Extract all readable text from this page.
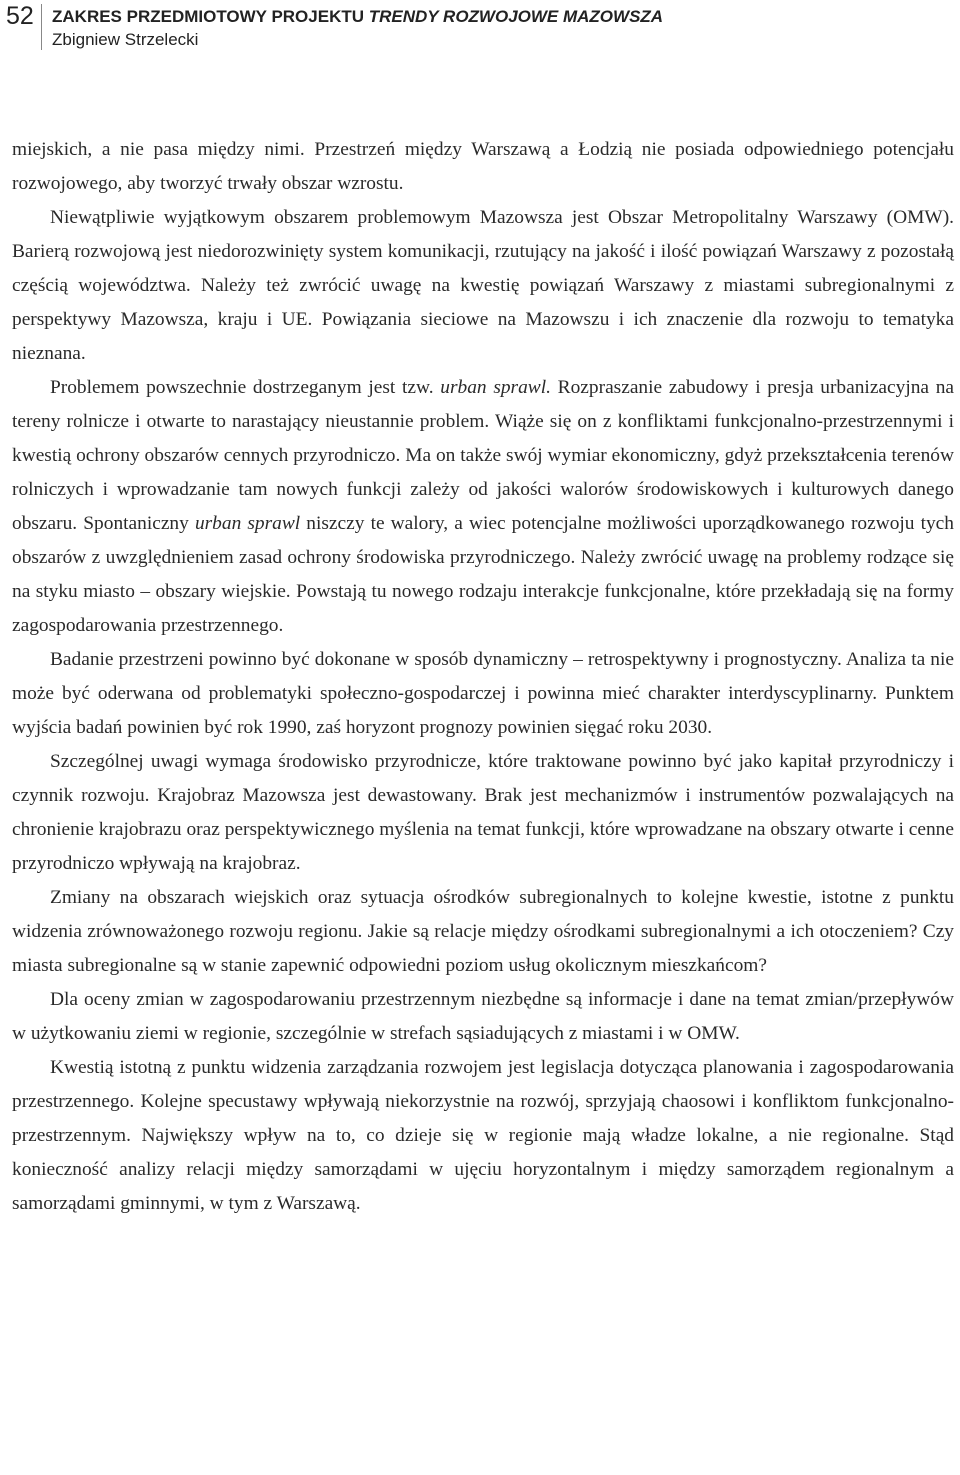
52 ZAKRES PRZEDMIOTOWY PROJEKTU TRENDY ROZWOJOWE MAZOWSZA
Zbigniew Strzelecki

miejskich, a nie pasa między nimi. Przestrzeń między Warszawą a Łodzią nie posiada odpowiedniego potencjału rozwojowego, aby tworzyć trwały obszar wzrostu.

Niewątpliwie wyjątkowym obszarem problemowym Mazowsza jest Obszar Metropolitalny Warszawy (OMW). Barierą rozwojową jest niedorozwinięty system komunikacji, rzutujący na jakość i ilość powiązań Warszawy z pozostałą częścią województwa. Należy też zwrócić uwagę na kwestię powiązań Warszawy z miastami subregionalnymi z perspektywy Mazowsza, kraju i UE. Powiązania sieciowe na Mazowszu i ich znaczenie dla rozwoju to tematyka nieznana.

Problemem powszechnie dostrzeganym jest tzw. urban sprawl. Rozpraszanie zabudowy i presja urbanizacyjna na tereny rolnicze i otwarte to narastający nieustannie problem. Wiąże się on z konfliktami funkcjonalno-przestrzennymi i kwestią ochrony obszarów cennych przyrodniczo. Ma on także swój wymiar ekonomiczny, gdyż przekształcenia terenów rolniczych i wprowadzanie tam nowych funkcji zależy od jakości walorów środowiskowych i kulturowych danego obszaru. Spontaniczny urban sprawl niszczy te walory, a wiec potencjalne możliwości uporządkowanego rozwoju tych obszarów z uwzględnieniem zasad ochrony środowiska przyrodniczego. Należy zwrócić uwagę na problemy rodzące się na styku miasto – obszary wiejskie. Powstają tu nowego rodzaju interakcje funkcjonalne, które przekładają się na formy zagospodarowania przestrzennego.

Badanie przestrzeni powinno być dokonane w sposób dynamiczny – retrospektywny i prognostyczny. Analiza ta nie może być oderwana od problematyki społeczno-gospodarczej i powinna mieć charakter interdyscyplinarny. Punktem wyjścia badań powinien być rok 1990, zaś horyzont prognozy powinien sięgać roku 2030.

Szczególnej uwagi wymaga środowisko przyrodnicze, które traktowane powinno być jako kapitał przyrodniczy i czynnik rozwoju. Krajobraz Mazowsza jest dewastowany. Brak jest mechanizmów i instrumentów pozwalających na chronienie krajobrazu oraz perspektywicznego myślenia na temat funkcji, które wprowadzane na obszary otwarte i cenne przyrodniczo wpływają na krajobraz.

Zmiany na obszarach wiejskich oraz sytuacja ośrodków subregionalnych to kolejne kwestie, istotne z punktu widzenia zrównoważonego rozwoju regionu. Jakie są relacje między ośrodkami subregionalnymi a ich otoczeniem? Czy miasta subregionalne są w stanie zapewnić odpowiedni poziom usług okolicznym mieszkańcom?

Dla oceny zmian w zagospodarowaniu przestrzennym niezbędne są informacje i dane na temat zmian/przepływów w użytkowaniu ziemi w regionie, szczególnie w strefach sąsiadujących z miastami i w OMW.

Kwestią istotną z punktu widzenia zarządzania rozwojem jest legislacja dotycząca planowania i zagospodarowania przestrzennego. Kolejne specustawy wpływają niekorzystnie na rozwój, sprzyjają chaosowi i konfliktom funkcjonalno-przestrzennym. Największy wpływ na to, co dzieje się w regionie mają władze lokalne, a nie regionalne. Stąd konieczność analizy relacji między samorządami w ujęciu horyzontalnym i między samorządem regionalnym a samorządami gminnymi, w tym z Warszawą.
